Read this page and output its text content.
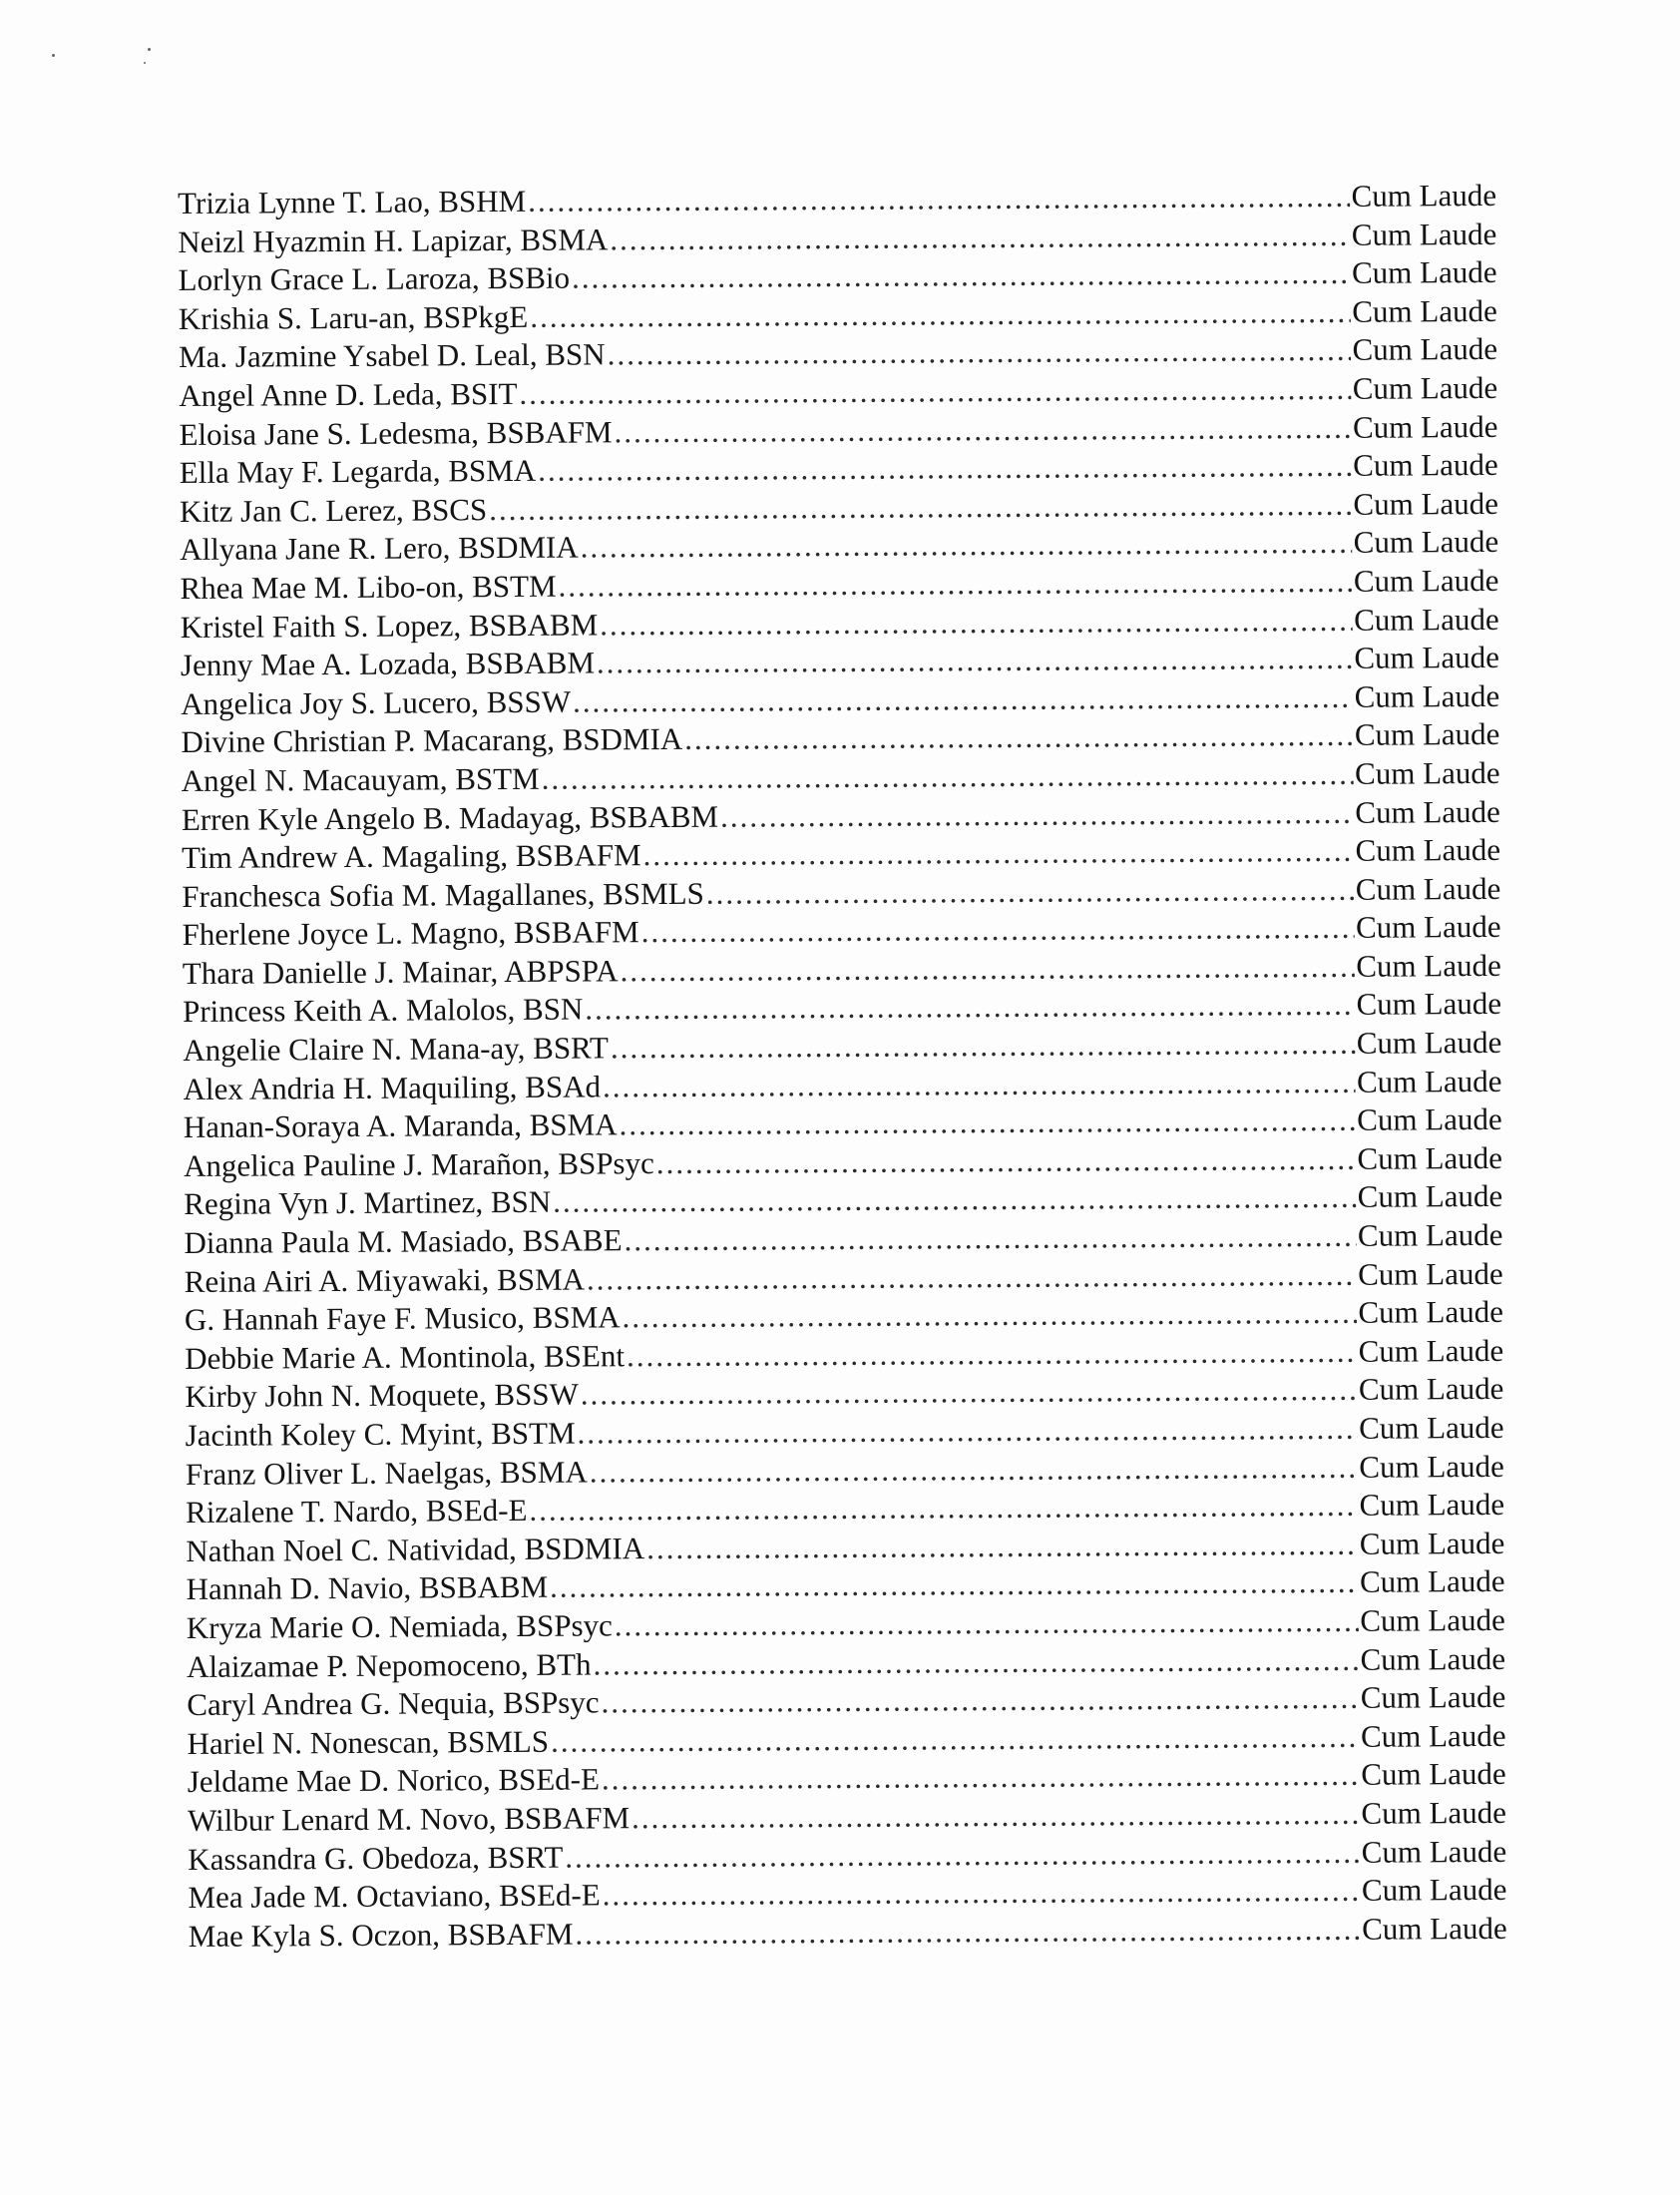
Trizia Lynne T. Lao, BSHM .....	Cum Laude
Neizl Hyazmin H. Lapizar, BSMA .....	Cum Laude
Lorlyn Grace L. Laroza, BSBio .....	Cum Laude
Krishia S. Laru-an, BSPkgE .....	Cum Laude
Ma. Jazmine Ysabel D. Leal, BSN .....	Cum Laude
Angel Anne D. Leda, BSIT .....	Cum Laude
Eloisa Jane S. Ledesma, BSBAFM .....	Cum Laude
Ella May F. Legarda, BSMA .....	Cum Laude
Kitz Jan C. Lerez, BSCS .....	Cum Laude
Allyana Jane R. Lero, BSDMIA .....	Cum Laude
Rhea Mae M. Libo-on, BSTM .....	Cum Laude
Kristel Faith S. Lopez, BSBABM .....	Cum Laude
Jenny Mae A. Lozada, BSBABM .....	Cum Laude
Angelica Joy S. Lucero, BSSW .....	Cum Laude
Divine Christian P. Macarang, BSDMIA .....	Cum Laude
Angel N. Macauyam, BSTM .....	Cum Laude
Erren Kyle Angelo B. Madayag, BSBABM .....	Cum Laude
Tim Andrew A. Magaling, BSBAFM .....	Cum Laude
Franchesca Sofia M. Magallanes, BSMLS .....	Cum Laude
Fherlene Joyce L. Magno, BSBAFM .....	Cum Laude
Thara Danielle J. Mainar, ABPSPA .....	Cum Laude
Princess Keith A. Malolos, BSN .....	Cum Laude
Angelie Claire N. Mana-ay, BSRT .....	Cum Laude
Alex Andria H. Maquiling, BSAd .....	Cum Laude
Hanan-Soraya A. Maranda, BSMA .....	Cum Laude
Angelica Pauline J. Marañon, BSPsyc .....	Cum Laude
Regina Vyn J. Martinez, BSN .....	Cum Laude
Dianna Paula M. Masiado, BSABE .....	Cum Laude
Reina Airi A. Miyawaki, BSMA .....	Cum Laude
G. Hannah Faye F. Musico, BSMA .....	Cum Laude
Debbie Marie A. Montinola, BSEnt .....	Cum Laude
Kirby John N. Moquete, BSSW .....	Cum Laude
Jacinth Koley C. Myint, BSTM .....	Cum Laude
Franz Oliver L. Naelgas, BSMA .....	Cum Laude
Rizalene T. Nardo, BSEd-E .....	Cum Laude
Nathan Noel C. Natividad, BSDMIA .....	Cum Laude
Hannah D. Navio, BSBABM .....	Cum Laude
Kryza Marie O. Nemiada, BSPsyc .....	Cum Laude
Alaizamae P. Nepomoceno, BTh .....	Cum Laude
Caryl Andrea G. Nequia, BSPsyc .....	Cum Laude
Hariel N. Nonescan, BSMLS .....	Cum Laude
Jeldame Mae D. Norico, BSEd-E .....	Cum Laude
Wilbur Lenard M. Novo, BSBAFM .....	Cum Laude
Kassandra G. Obedoza, BSRT .....	Cum Laude
Mea Jade M. Octaviano, BSEd-E .....	Cum Laude
Mae Kyla S. Oczon, BSBAFM .....	Cum Laude
